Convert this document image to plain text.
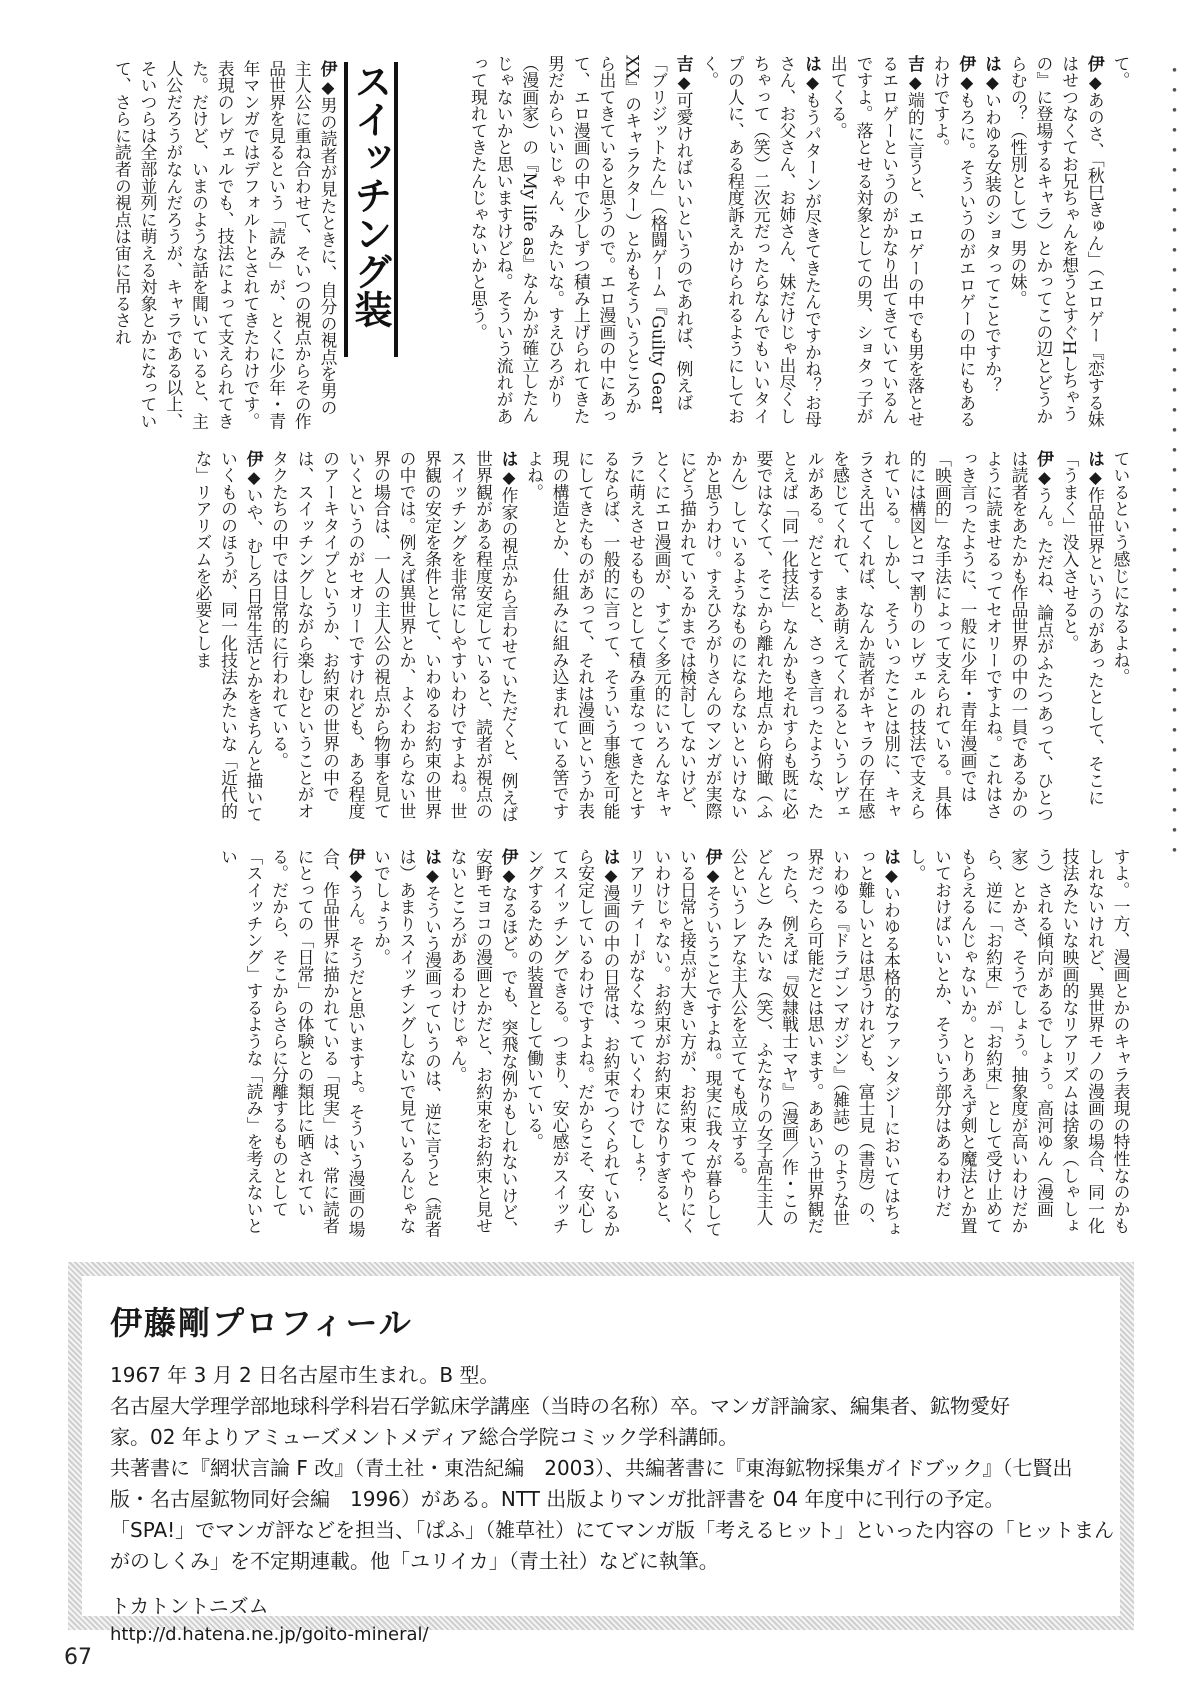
て。
伊◆あのさ、「秋巳きゅん」（エロゲー『恋する妹はせつなくてお兄ちゃんを想うとすぐHしちゃうの』に登場するキャラ）とかってこの辺とどうからむの？（性別として）男の妹。
は◆いわゆる女装のショタってことですか？
伊◆もろに。そういうのがエロゲーの中にもあるわけですよ。
吉◆端的に言うと、エロゲーの中でも男を落とせるエロゲーというのがかなり出てきていているんですよ。落とせる対象としての男、ショタっ子が出てくる。
は◆もうパターンが尽きてきたんですかね？お母さん、お父さん、お姉さん、妹だけじゃ出尽くしちゃって（笑）二次元だったらなんでもいいタイプの人に、ある程度訴えかけられるようにしておく。
吉◆可愛ければいいというのであれば、例えば「ブリジットたん」（格闘ゲーム『Guilty Gear XX』のキャラクター）とかもそういうところから出てきていると思うので。エロ漫画の中にあって、エロ漫画の中で少しずつ積み上げられてきた男だからいいじゃん、みたいな。すえひろがり（漫画家）の『My life as』なんかが確立したんじゃないかと思いますけどね。そういう流れがあって現れてきたんじゃないかと思う。
スイッチング装
伊◆男の読者が見たときに、自分の視点を男の主人公に重ね合わせて、そいつの視点からその作品世界を見るという「読み」が、とくに少年・青年マンガではデフォルトとされてきたわけです。表現のレヴェルでも、技法によって支えられてきた。だけど、いまのような話を聞いていると、主人公だろうがなんだろうが、キャラである以上、そいつらは全部並列に萌える対象とかになっていて、さらに読者の視点は宙に吊るされ
ているという感じになるよね。
は◆作品世界というのがあったとして、そこに「うまく」没入させると。
伊◆うん。ただね、論点がふたつあって、ひとつは読者をあたかも作品世界の中の一員であるかのように読ませるってセオリーですよね。これはさっき言ったように、一般に少年・青年漫画では「映画的」な手法によって支えられている。具体的には構図とコマ割りのレヴェルの技法で支えられている。しかし、そういったことは別に、キャラさえ出てくれば、なんか読者がキャラの存在感を感じてくれて、まあ萌えてくれるというレヴェルがある。だとすると、さっき言ったような、たとえば「同一化技法」なんかもそれすらも既に必要ではなくて、そこから離れた地点から俯瞰（ふかん）しているようなものにならないといけないかと思うわけ。すえひろがりさんのマンガが実際にどう描かれているかまでは検討してないけど、とくにエロ漫画が、すごく多元的にいろんなキャラに萌えさせるものとして積み重なってきたとするならば、一般的に言って、そういう事態を可能にしてきたものがあって、それは漫画というか表現の構造とか、仕組みに組み込まれている筈ですよね。
は◆作家の視点から言わせていただくと、例えば世界観がある程度安定していると、読者が視点のスイッチングを非常にしやすいわけですよね。世界観の安定を条件として、いわゆるお約束の世界の中では。例えば異世界とか、よくわからない世界の場合は、一人の主人公の視点から物事を見ていくというのがセオリーですけれども、ある程度のアーキタイプというか、お約束の世界の中では、スイッチングしながら楽しむということがオタクたちの中では日常的に行われている。
伊◆いや、むしろ日常生活とかをきちんと描いていくもののほうが、同一化技法みたいな「近代的な」リアリズムを必要としま
すよ。一方、漫画とかのキャラ表現の特性なのかもしれないけれど、異世界モノの漫画の場合、同一化技法みたいな映画的なリアリズムは捨象（しゃしょう）される傾向があるでしょう。高河ゆん（漫画家）とかさ、そうでしょう。抽象度が高いわけだから、逆に「お約束」が「お約束」として受け止めてもらえるんじゃないか。とりあえず剣と魔法とか置いておけばいいとか、そういう部分はあるわけだし。
は◆いわゆる本格的なファンタジーにおいてはちょっと難しいとは思うけれども、富士見（書房）の、いわゆる『ドラゴンマガジン』（雑誌）のような世界だったら可能だとは思います。ああいう世界観だったら、例えば『奴隷戦士マヤ』（漫画／作・このどんと）みたいな（笑）、ふたなりの女子高生主人公というレアな主人公を立てても成立する。
伊◆そういうことですよね。現実に我々が暮らしている日常と接点が大きい方が、お約束ってやりにくいわけじゃない。お約束がお約束になりすぎると、リアリティーがなくなっていくわけでしょ？
は◆漫画の中の日常は、お約束でつくられているから安定しているわけですよね。だからこそ、安心してスイッチングできる。つまり、安心感がスイッチングするための装置として働いている。
伊◆なるほど。でも、突飛な例かもしれないけど、安野モヨコの漫画とかだと、お約束をお約束と見せないところがあるわけじゃん。
は◆そういう漫画っていうのは、逆に言うと（読者は）あまりスイッチングしないで見ているんじゃないでしょうか。
伊◆うん。そうだと思いますよ。そういう漫画の場合、作品世界に描かれている「現実」は、常に読者にとっての「日常」の体験との類比に晒されている。だから、そこからさらに分離するものとして「スイッチング」するような「読み」を考えないとい	・・・・・・・・・・・・・・・・・・・・・・・・・・・・・・・・・・・・・・・・
伊藤剛プロフィール

1967 年 3 月 2 日名古屋市生まれ。B 型。

名古屋大学理学部地球科学科岩石学鉱床学講座（当時の名称）卒。マンガ評論家、編集者、鉱物愛好

家。02 年よりアミューズメントメディア総合学院コミック学科講師。

共著書に『網状言論 F 改』（青土社・東浩紀編　2003）、共編著書に『東海鉱物採集ガイドブック』（七賢出

版・名古屋鉱物同好会編　1996）がある。NTT 出版よりマンガ批評書を 04 年度中に刊行の予定。

「SPA!」でマンガ評などを担当、「ぱふ」（雑草社）にてマンガ版「考えるヒット」といった内容の「ヒットまん

がのしくみ」を不定期連載。他「ユリイカ」（青土社）などに執筆。

トカトントニズム
http://d.hatena.ne.jp/goito-mineral/
67
